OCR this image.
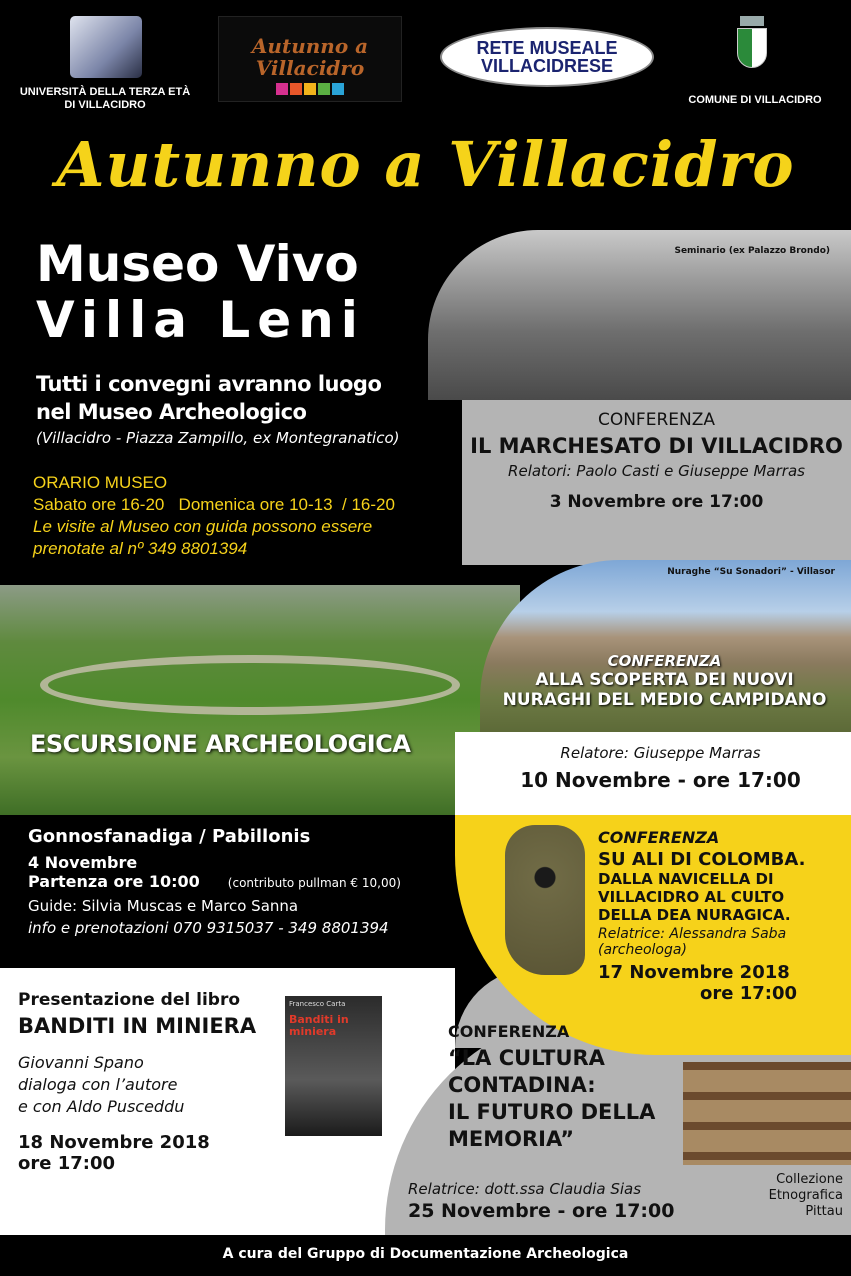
UNIVERSITÀ DELLA TERZA ETÀ
DI VILLACIDRO
Autunno a Villacidro
RETE MUSEALE VILLACIDRESE
COMUNE DI VILLACIDRO
Autunno a Villacidro
Seminario (ex Palazzo Brondo)
CONFERENZA
IL MARCHESATO DI VILLACIDRO
Relatori: Paolo Casti e Giuseppe Marras
3 Novembre ore 17:00
Museo Vivo
Villa Leni
Tutti i convegni avranno luogo
nel Museo Archeologico
(Villacidro - Piazza Zampillo, ex Montegranatico)
ORARIO MUSEO
Sabato ore 16-20   Domenica ore 10-13  / 16-20
Le visite al Museo con guida possono essere
prenotate al nº 349 8801394
ESCURSIONE ARCHEOLOGICA
Nuraghe “Su Sonadori” - Villasor
CONFERENZA
ALLA SCOPERTA DEI NUOVI
NURAGHI DEL MEDIO CAMPIDANO
Relatore: Giuseppe Marras
10 Novembre - ore 17:00
Gonnosfanadiga / Pabillonis
4 Novembre
Partenza ore 10:00 (contributo pullman € 10,00)
Guide: Silvia Muscas e Marco Sanna
info e prenotazioni 070 9315037 - 349 8801394
Presentazione del libro
BANDITI IN MINIERA
Giovanni Spano
dialoga con l’autore
e con Aldo Pusceddu
18 Novembre 2018
ore 17:00
Francesco Carta
Banditi in miniera
CONFERENZA
SU ALI DI COLOMBA.
DALLA NAVICELLA DI
VILLACIDRO AL CULTO
DELLA DEA NURAGICA.
Relatrice: Alessandra Saba
(archeologa)
17 Novembre 2018
ore 17:00
CONFERENZA
“LA CULTURA
CONTADINA:
IL FUTURO DELLA
MEMORIA”
Collezione
Etnografica
Pittau
Relatrice: dott.ssa Claudia Sias
25 Novembre - ore 17:00
A cura del Gruppo di Documentazione Archeologica
